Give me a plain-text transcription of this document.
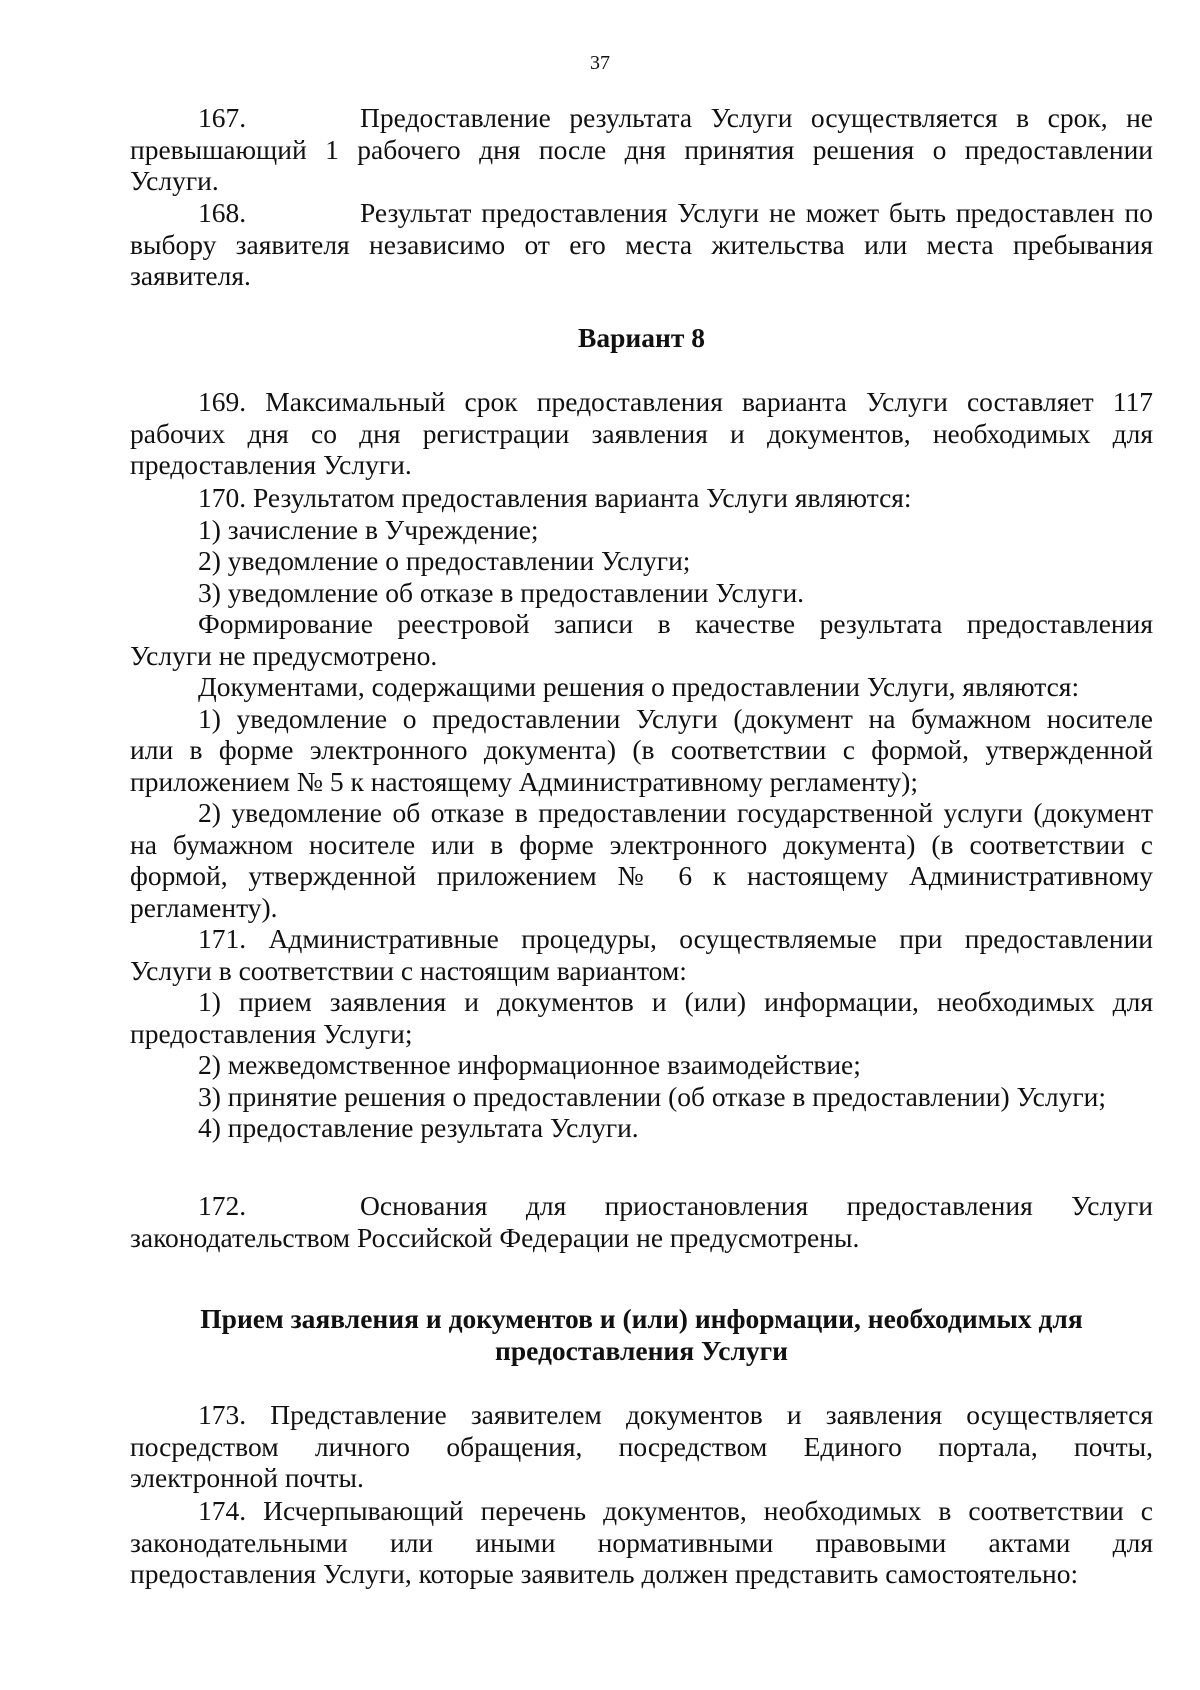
37

167.	Предоставление результата Услуги осуществляется в срок, не

превышающий 1 рабочего дня после дня принятия решения о предоставлении

Услуги.

168.	Результат предоставления Услуги не может быть предоставлен по

выбору заявителя независимо от его места жительства или места пребывания

заявителя.

Вариант 8

169. Максимальный срок предоставления варианта Услуги составляет 117

рабочих дня со дня регистрации заявления и документов, необходимых для

предоставления Услуги.

170. Результатом предоставления варианта Услуги являются:

1) зачисление в Учреждение;

2) уведомление о предоставлении Услуги;

3) уведомление об отказе в предоставлении Услуги.

Формирование реестровой записи в качестве результата предоставления

Услуги не предусмотрено.

Документами, содержащими решения о предоставлении Услуги, являются:

1) уведомление о предоставлении Услуги (документ на бумажном носителе

или в форме электронного документа) (в соответствии с формой, утвержденной

приложением № 5 к настоящему Административному регламенту);

2) уведомление об отказе в предоставлении государственной услуги (документ

на бумажном носителе или в форме электронного документа) (в соответствии с

формой, утвержденной приложением № 6 к настоящему Административному

регламенту).

171. Административные процедуры, осуществляемые при предоставлении

Услуги в соответствии с настоящим вариантом:

1) прием заявления и документов и (или) информации, необходимых для

предоставления Услуги;

2) межведомственное информационное взаимодействие;

3) принятие решения о предоставлении (об отказе в предоставлении) Услуги;

4) предоставление результата Услуги.

172.	Основания для приостановления предоставления Услуги

законодательством Российской Федерации не предусмотрены.

Прием заявления и документов и (или) информации, необходимых для

предоставления Услуги

173. Представление заявителем документов и заявления осуществляется

посредством личного обращения, посредством Единого портала, почты,

электронной почты.

174. Исчерпывающий перечень документов, необходимых в соответствии с

законодательными или иными нормативными правовыми актами для

предоставления Услуги, которые заявитель должен представить самостоятельно:
